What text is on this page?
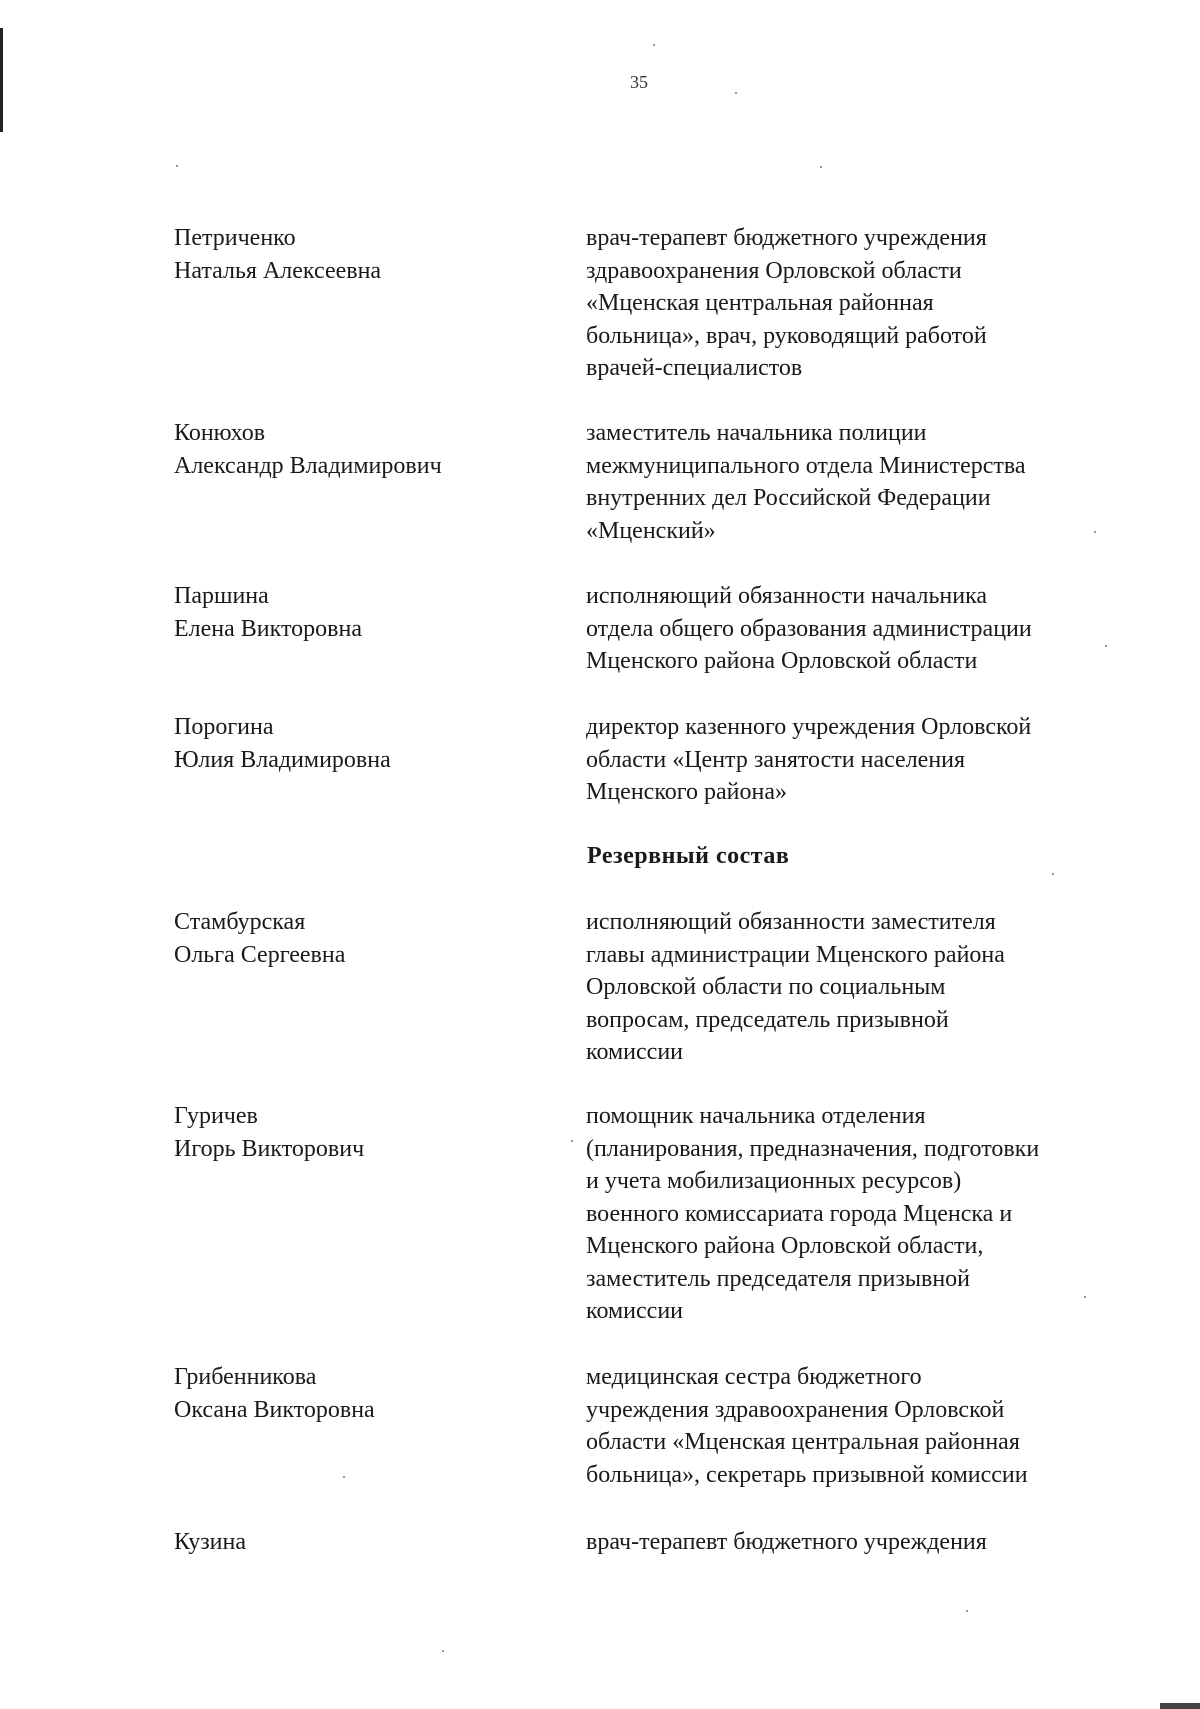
35
Петриченко
Наталья Алексеевна
врач-терапевт бюджетного учреждения
здравоохранения Орловской области
«Мценская центральная районная
больница», врач, руководящий работой
врачей-специалистов
Конюхов
Александр Владимирович
заместитель начальника полиции
межмуниципального отдела Министерства
внутренних дел Российской Федерации
«Мценский»
Паршина
Елена Викторовна
исполняющий обязанности начальника
отдела общего образования администрации
Мценского района Орловской области
Порогина
Юлия Владимировна
директор казенного учреждения Орловской
области «Центр занятости населения
Мценского района»
Резервный состав
Стамбурская
Ольга Сергеевна
исполняющий обязанности заместителя
главы администрации Мценского района
Орловской области по социальным
вопросам, председатель призывной
комиссии
Гуричев
Игорь Викторович
помощник начальника отделения
(планирования, предназначения, подготовки
и учета мобилизационных ресурсов)
военного комиссариата города Мценска и
Мценского района Орловской области,
заместитель председателя призывной
комиссии
Грибенникова
Оксана Викторовна
медицинская сестра бюджетного
учреждения здравоохранения Орловской
области «Мценская центральная районная
больница», секретарь призывной комиссии
Кузина	врач-терапевт бюджетного учреждения
